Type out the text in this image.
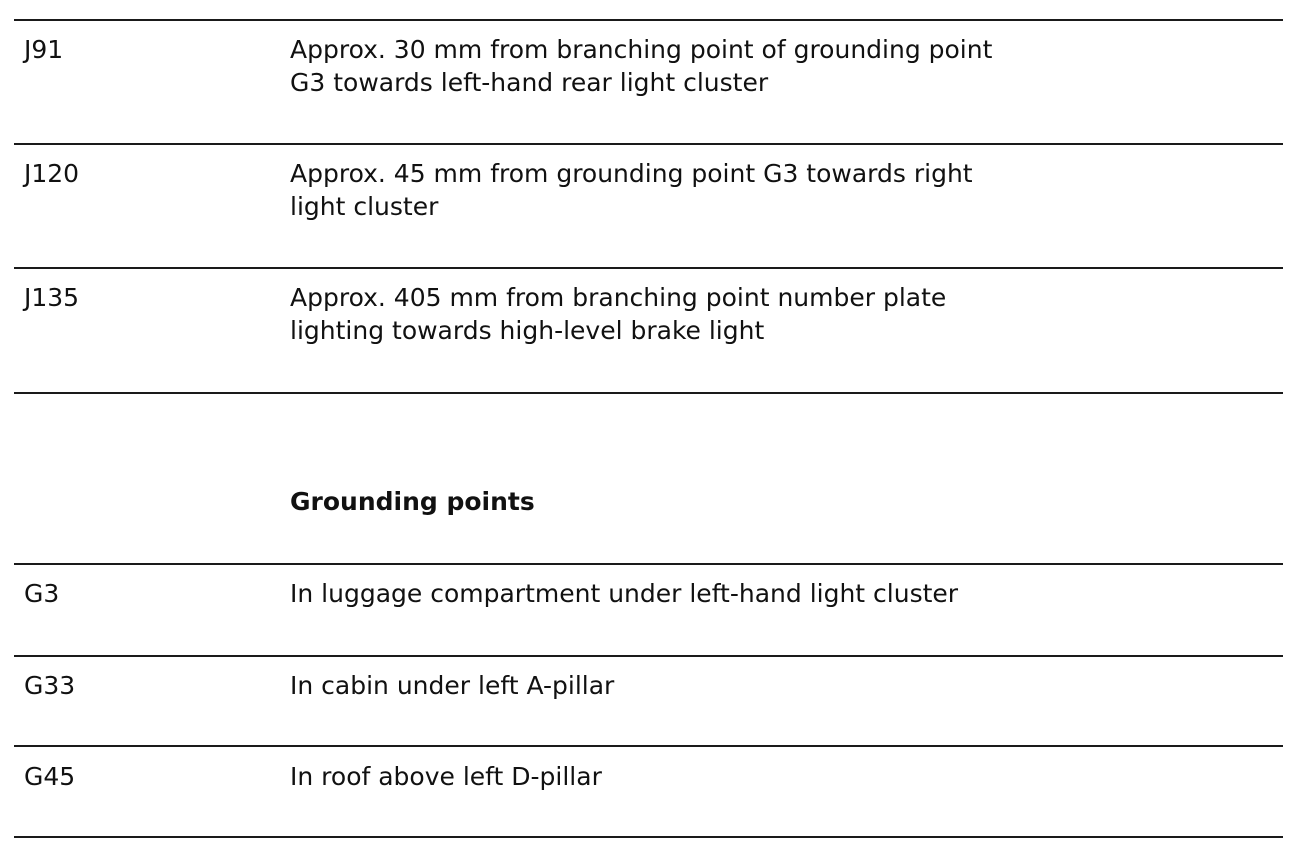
J91	Approx. 30 mm from branching point of grounding point
G3 towards left-hand rear light cluster
J120	Approx. 45 mm from grounding point G3 towards right
light cluster
J135	Approx. 405 mm from branching point number plate
lighting towards high-level brake light
Grounding points
G3	In luggage compartment under left-hand light cluster
G33	In cabin under left A-pillar
G45	In roof above left D-pillar
